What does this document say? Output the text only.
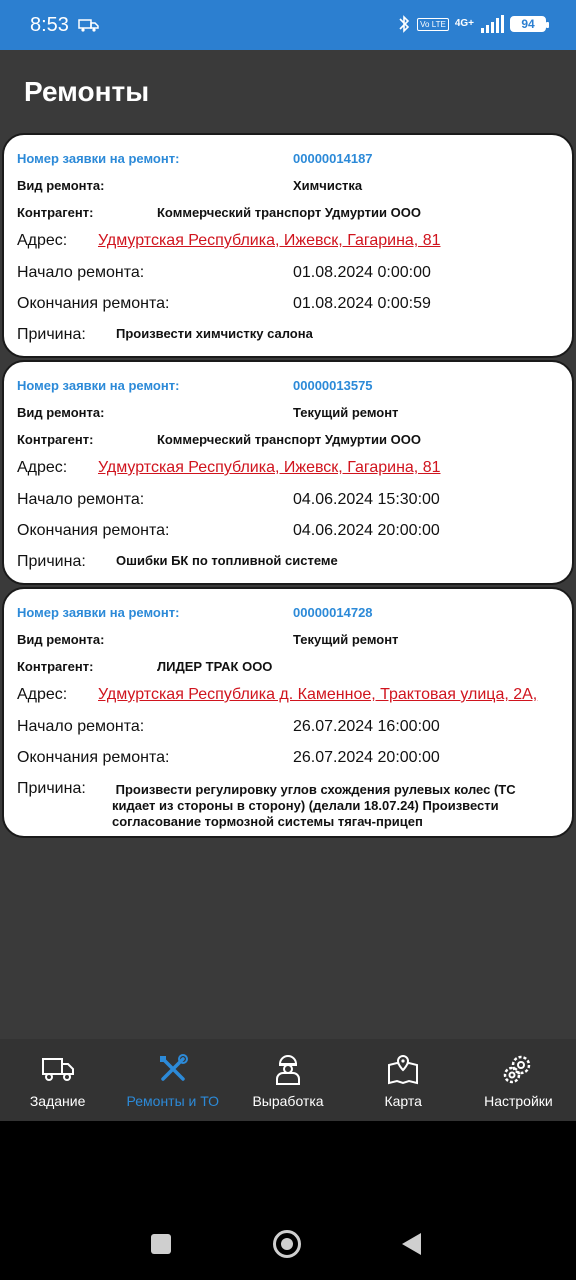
8:53	Vo LTE 4G+	94
Ремонты
Номер заявки на ремонт:	00000014187
Вид ремонта:	Химчистка
Контрагент:	Коммерческий транспорт Удмуртии ООО
Адрес: Удмуртская Республика, Ижевск, Гагарина, 81
Начало ремонта:	01.08.2024 0:00:00
Окончания ремонта:	01.08.2024 0:00:59
Причина: Произвести химчистку салона
Номер заявки на ремонт:	00000013575
Вид ремонта:	Текущий ремонт
Контрагент:	Коммерческий транспорт Удмуртии ООО
Адрес: Удмуртская Республика, Ижевск, Гагарина, 81
Начало ремонта:	04.06.2024 15:30:00
Окончания ремонта:	04.06.2024 20:00:00
Причина: Ошибки БК по топливной системе
Номер заявки на ремонт:	00000014728
Вид ремонта:	Текущий ремонт
Контрагент:	ЛИДЕР ТРАК ООО
Адрес: Удмуртская Республика д. Каменное, Трактовая улица, 2А,
Начало ремонта:	26.07.2024 16:00:00
Окончания ремонта:	26.07.2024 20:00:00
Причина: Произвести регулировку углов схождения рулевых колес (ТС кидает из стороны в сторону) (делали 18.07.24) Произвести согласование тормозной системы тягач-прицеп
Задание	Ремонты и ТО Выработка	Карта	Настройки
